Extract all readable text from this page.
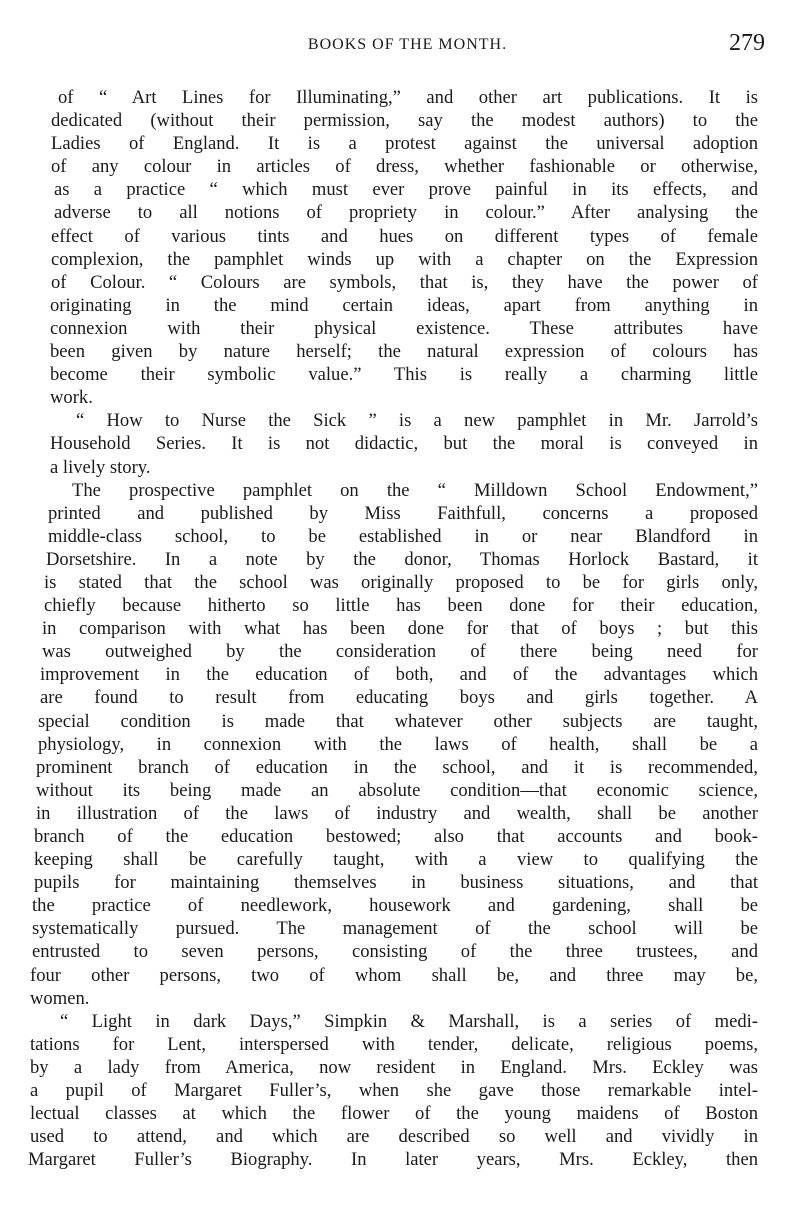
BOOKS OF THE MONTH.	279
of “ Art Lines for Illuminating,” and other art publications. It is
dedicated (without their permission, say the modest authors) to the
Ladies of England. It is a protest against the universal adoption
of any colour in articles of dress, whether fashionable or otherwise,
as a practice “ which must ever prove painful in its effects, and
adverse to all notions of propriety in colour.” After analysing the
effect of various tints and hues on different types of female
complexion, the pamphlet winds up with a chapter on the Expression
of Colour. “ Colours are symbols, that is, they have the power of
originating in the mind certain ideas, apart from anything in
connexion with their physical existence. These attributes have
been given by nature herself; the natural expression of colours has
become their symbolic value.” This is really a charming little
work.
“ How to Nurse the Sick ” is a new pamphlet in Mr. Jarrold’s
Household Series. It is not didactic, but the moral is conveyed in
a lively story.
The prospective pamphlet on the “ Milldown School Endowment,”
printed and published by Miss Faithfull, concerns a proposed
middle-class school, to be established in or near Blandford in
Dorsetshire. In a note by the donor, Thomas Horlock Bastard, it
is stated that the school was originally proposed to be for girls only,
chiefly because hitherto so little has been done for their education,
in comparison with what has been done for that of boys ; but this
was outweighed by the consideration of there being need for
improvement in the education of both, and of the advantages which
are found to result from educating boys and girls together. A
special condition is made that whatever other subjects are taught,
physiology, in connexion with the laws of health, shall be a
prominent branch of education in the school, and it is recommended,
without its being made an absolute condition—that economic science,
in illustration of the laws of industry and wealth, shall be another
branch of the education bestowed; also that accounts and book-
keeping shall be carefully taught, with a view to qualifying the
pupils for maintaining themselves in business situations, and that
the practice of needlework, housework and gardening, shall be
systematically pursued. The management of the school will be
entrusted to seven persons, consisting of the three trustees, and
four other persons, two of whom shall be, and three may be,
women.
“ Light in dark Days,” Simpkin & Marshall, is a series of medi-
tations for Lent, interspersed with tender, delicate, religious poems,
by a lady from America, now resident in England. Mrs. Eckley was
a pupil of Margaret Fuller’s, when she gave those remarkable intel-
lectual classes at which the flower of the young maidens of Boston
used to attend, and which are described so well and vividly in
Margaret Fuller’s Biography. In later years, Mrs. Eckley, then
